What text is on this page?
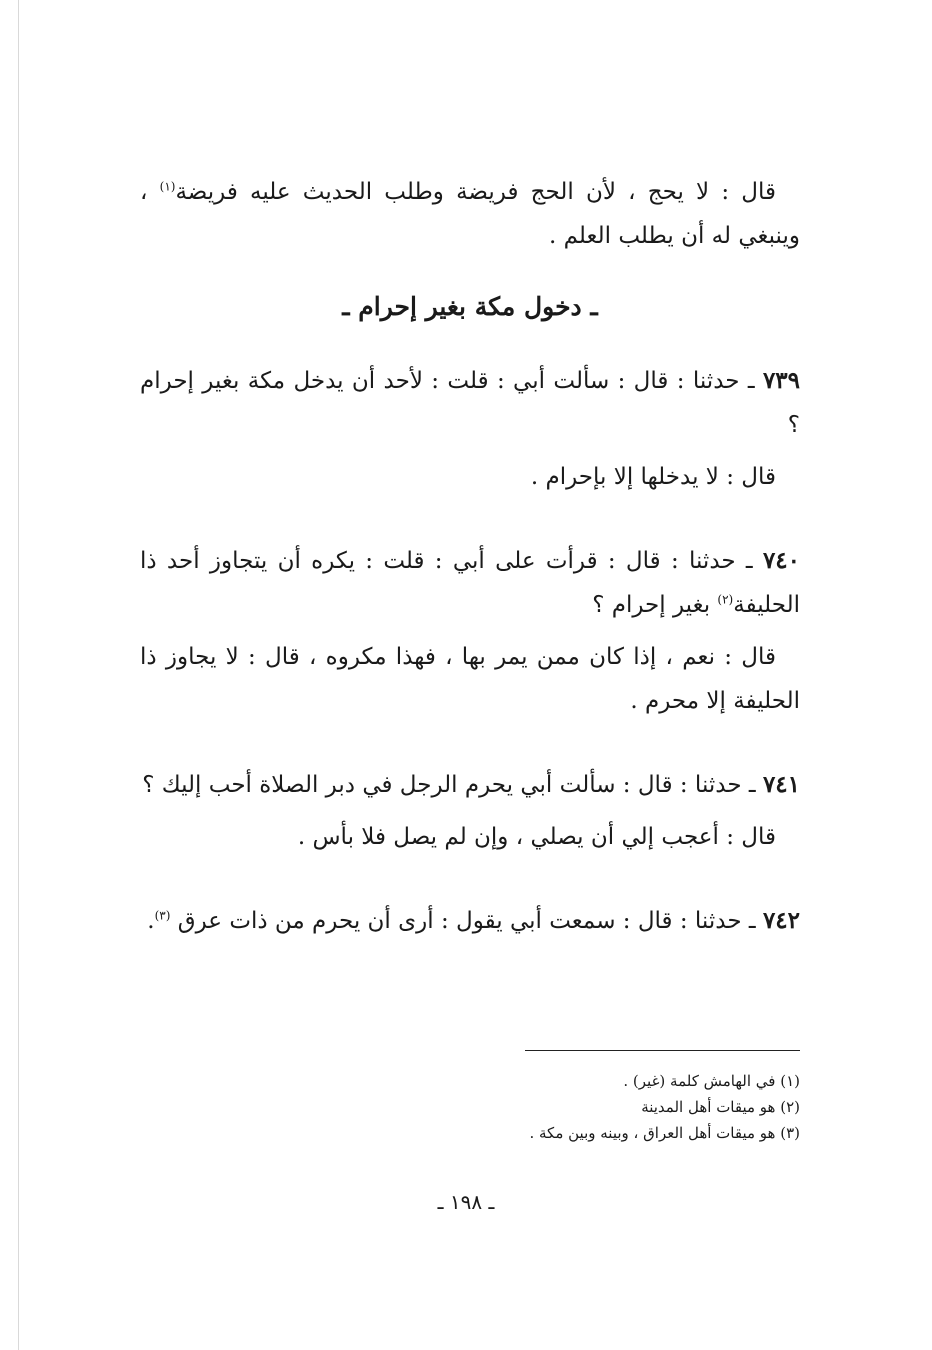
قال : لا يحج ، لأن الحج فريضة وطلب الحديث عليه فريضة$^{(١)}$ ، وينبغي له أن يطلب العلم .

ـ دخول مكة بغير إحرام ـ

٧٣٩ ـ حدثنا : قال : سألت أبي : قلت : لأحد أن يدخل مكة بغير إحرام ؟

قال : لا يدخلها إلا بإحرام .

٧٤٠ ـ حدثنا : قال : قرأت على أبي : قلت : يكره أن يتجاوز أحد ذا الحليفة$^{(٢)}$ بغير إحرام ؟

قال : نعم ، إذا كان ممن يمر بها ، فهذا مكروه ، قال : لا يجاوز ذا الحليفة إلا محرم .

٧٤١ ـ حدثنا : قال : سألت أبي يحرم الرجل في دبر الصلاة أحب إليك ؟

قال : أعجب إلي أن يصلي ، وإن لم يصل فلا بأس .

٧٤٢ ـ حدثنا : قال : سمعت أبي يقول : أرى أن يحرم من ذات عرق $^{(٣)}$.

(١) في الهامش كلمة (غير) .

(٢) هو ميقات أهل المدينة

(٣) هو ميقات أهل العراق ، وبينه وبين مكة .

ـ ١٩٨ ـ
